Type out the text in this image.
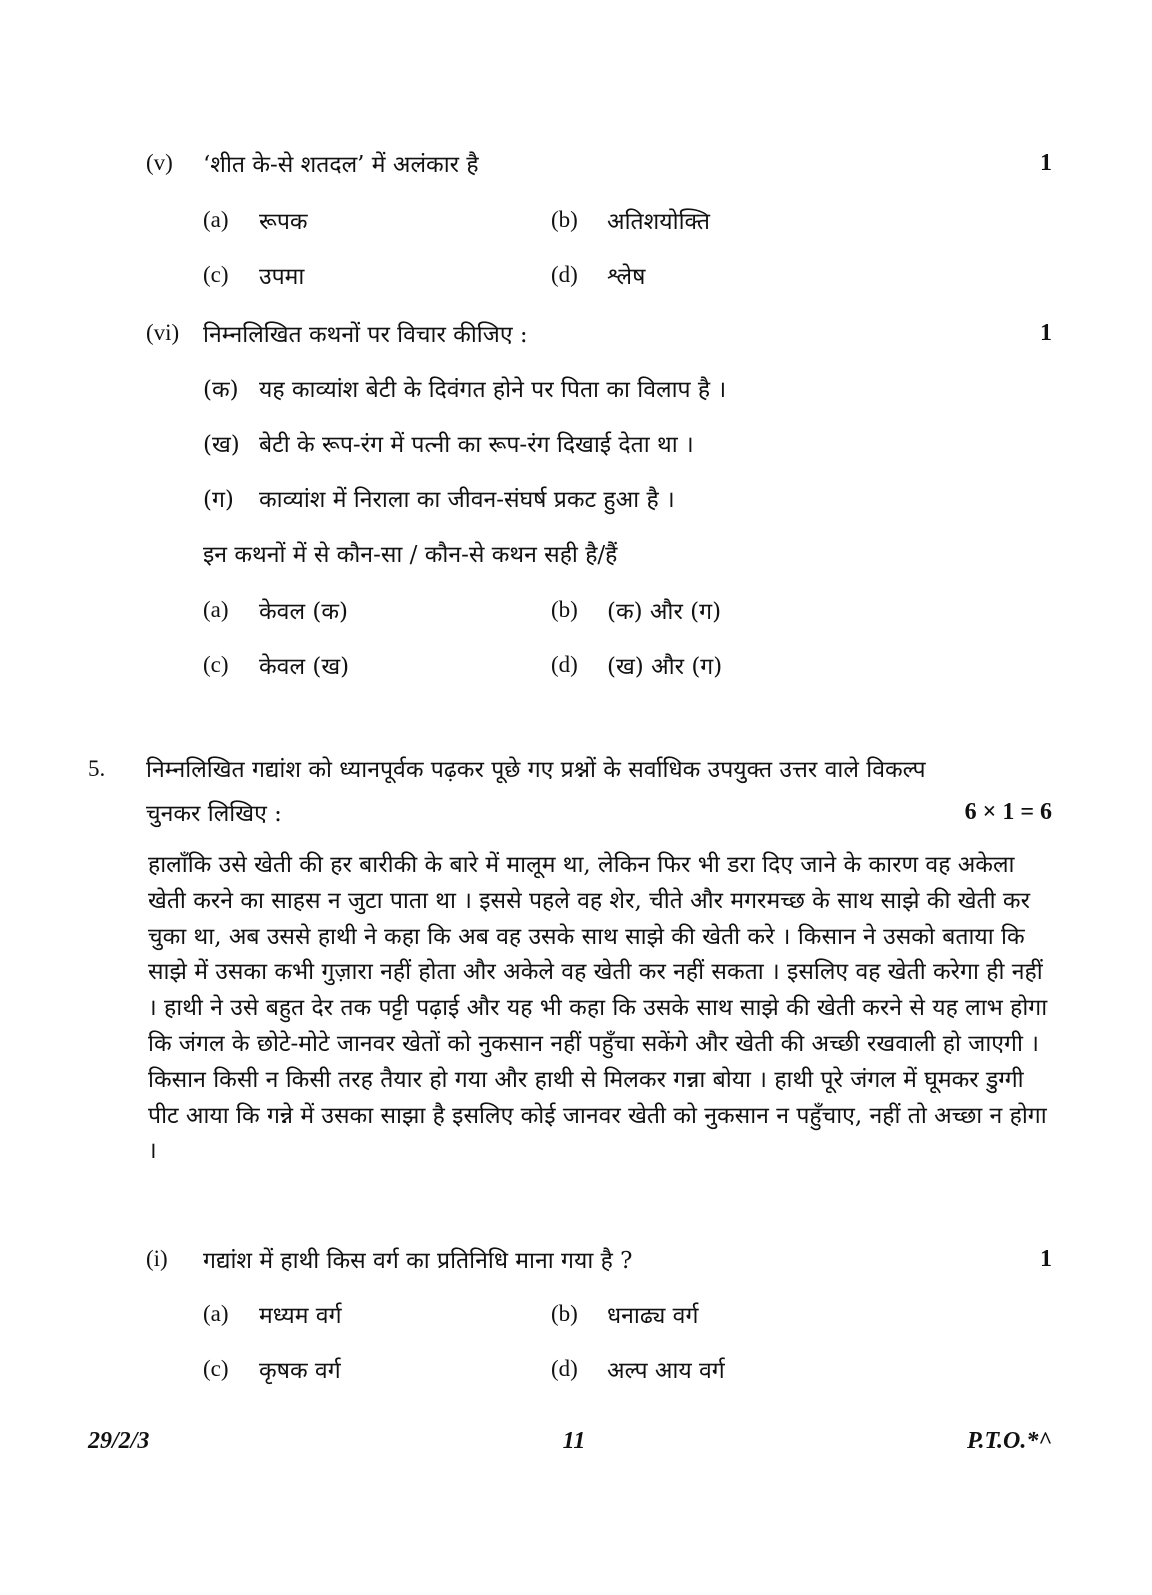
(v) ‘शीत के-से शतदल’ में अलंकार है	1
(a) रूपक	(b) अतिशयोक्ति
(c) उपमा	(d) श्लेष
(vi) निम्नलिखित कथनों पर विचार कीजिए :	1
(क) यह काव्यांश बेटी के दिवंगत होने पर पिता का विलाप है ।
(ख) बेटी के रूप-रंग में पत्नी का रूप-रंग दिखाई देता था ।
(ग) काव्यांश में निराला का जीवन-संघर्ष प्रकट हुआ है ।
इन कथनों में से कौन-सा / कौन-से कथन सही है/हैं
(a) केवल (क)	(b) (क) और (ग)
(c) केवल (ख)	(d) (ख) और (ग)
5. निम्नलिखित गद्यांश को ध्यानपूर्वक पढ़कर पूछे गए प्रश्नों के सर्वाधिक उपयुक्त उत्तर वाले विकल्प
चुनकर लिखिए :	6 × 1 = 6
हालाँकि उसे खेती की हर बारीकी के बारे में मालूम था, लेकिन फिर भी डरा दिए जाने के कारण वह अकेला खेती करने का साहस न जुटा पाता था । इससे पहले वह शेर, चीते और मगरमच्छ के साथ साझे की खेती कर चुका था, अब उससे हाथी ने कहा कि अब वह उसके साथ साझे की खेती करे । किसान ने उसको बताया कि साझे में उसका कभी गुज़ारा नहीं होता और अकेले वह खेती कर नहीं सकता । इसलिए वह खेती करेगा ही नहीं । हाथी ने उसे बहुत देर तक पट्टी पढ़ाई और यह भी कहा कि उसके साथ साझे की खेती करने से यह लाभ होगा कि जंगल के छोटे-मोटे जानवर खेतों को नुकसान नहीं पहुँचा सकेंगे और खेती की अच्छी रखवाली हो जाएगी । किसान किसी न किसी तरह तैयार हो गया और हाथी से मिलकर गन्ना बोया । हाथी पूरे जंगल में घूमकर डुग्गी पीट आया कि गन्ने में उसका साझा है इसलिए कोई जानवर खेती को नुकसान न पहुँचाए, नहीं तो अच्छा न होगा ।
(i) गद्यांश में हाथी किस वर्ग का प्रतिनिधि माना गया है ?	1
(a) मध्यम वर्ग	(b) धनाढ्य वर्ग
(c) कृषक वर्ग	(d) अल्प आय वर्ग
29/2/3	11	P.T.O.*^
